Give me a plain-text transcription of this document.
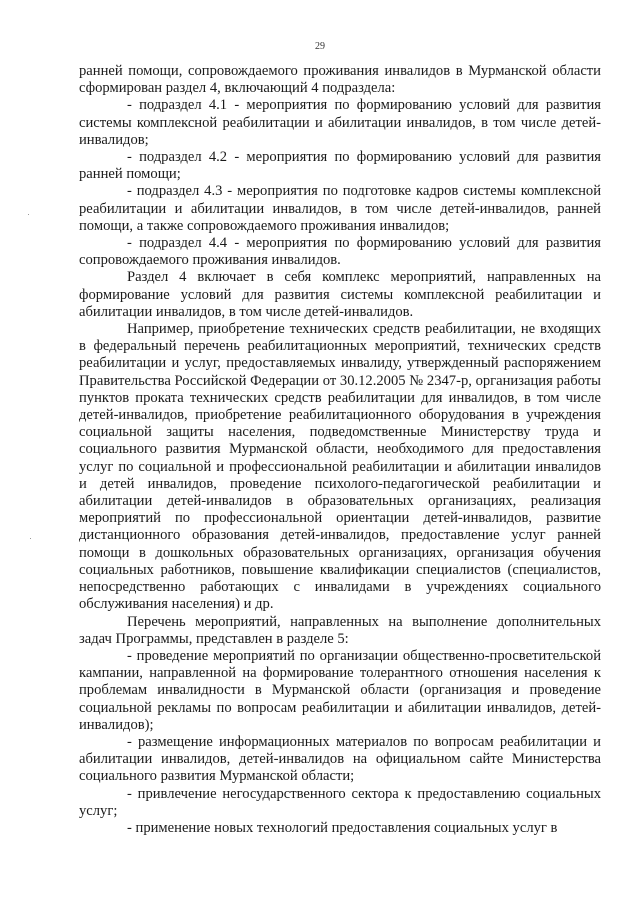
29

ранней помощи, сопровождаемого проживания инвалидов в Мурманской области сформирован раздел 4, включающий 4 подраздела:

- подраздел 4.1 - мероприятия по формированию условий для развития системы комплексной реабилитации и абилитации инвалидов, в том числе детей-инвалидов;

- подраздел 4.2 - мероприятия по формированию условий для развития ранней помощи;

- подраздел 4.3 - мероприятия по подготовке кадров системы комплексной реабилитации и абилитации инвалидов, в том числе детей-инвалидов, ранней помощи, а также сопровождаемого проживания инвалидов;

- подраздел 4.4 - мероприятия по формированию условий для развития сопровождаемого проживания инвалидов.

Раздел 4 включает в себя комплекс мероприятий, направленных на формирование условий для развития системы комплексной реабилитации и абилитации инвалидов, в том числе детей-инвалидов.

Например, приобретение технических средств реабилитации, не входящих в федеральный перечень реабилитационных мероприятий, технических средств реабилитации и услуг, предоставляемых инвалиду, утвержденный распоряжением Правительства Российской Федерации от 30.12.2005 № 2347-р, организация работы пунктов проката технических средств реабилитации для инвалидов, в том числе детей-инвалидов, приобретение реабилитационного оборудования в учреждения социальной защиты населения, подведомственные Министерству труда и социального развития Мурманской области, необходимого для предоставления услуг по социальной и профессиональной реабилитации и абилитации инвалидов и детей инвалидов, проведение психолого-педагогической реабилитации и абилитации детей-инвалидов в образовательных организациях, реализация мероприятий по профессиональной ориентации детей-инвалидов, развитие дистанционного образования детей-инвалидов, предоставление услуг ранней помощи в дошкольных образовательных организациях, организация обучения социальных работников, повышение квалификации специалистов (специалистов, непосредственно работающих с инвалидами в учреждениях социального обслуживания населения) и др.

Перечень мероприятий, направленных на выполнение дополнительных задач Программы, представлен в разделе 5:

- проведение мероприятий по организации общественно-просветительской кампании, направленной на формирование толерантного отношения населения к проблемам инвалидности в Мурманской области (организация и проведение социальной рекламы по вопросам реабилитации и абилитации инвалидов, детей-инвалидов);

- размещение информационных материалов по вопросам реабилитации и абилитации инвалидов, детей-инвалидов на официальном сайте Министерства социального развития Мурманской области;

- привлечение негосударственного сектора к предоставлению социальных услуг;

- применение новых технологий предоставления социальных услуг в
